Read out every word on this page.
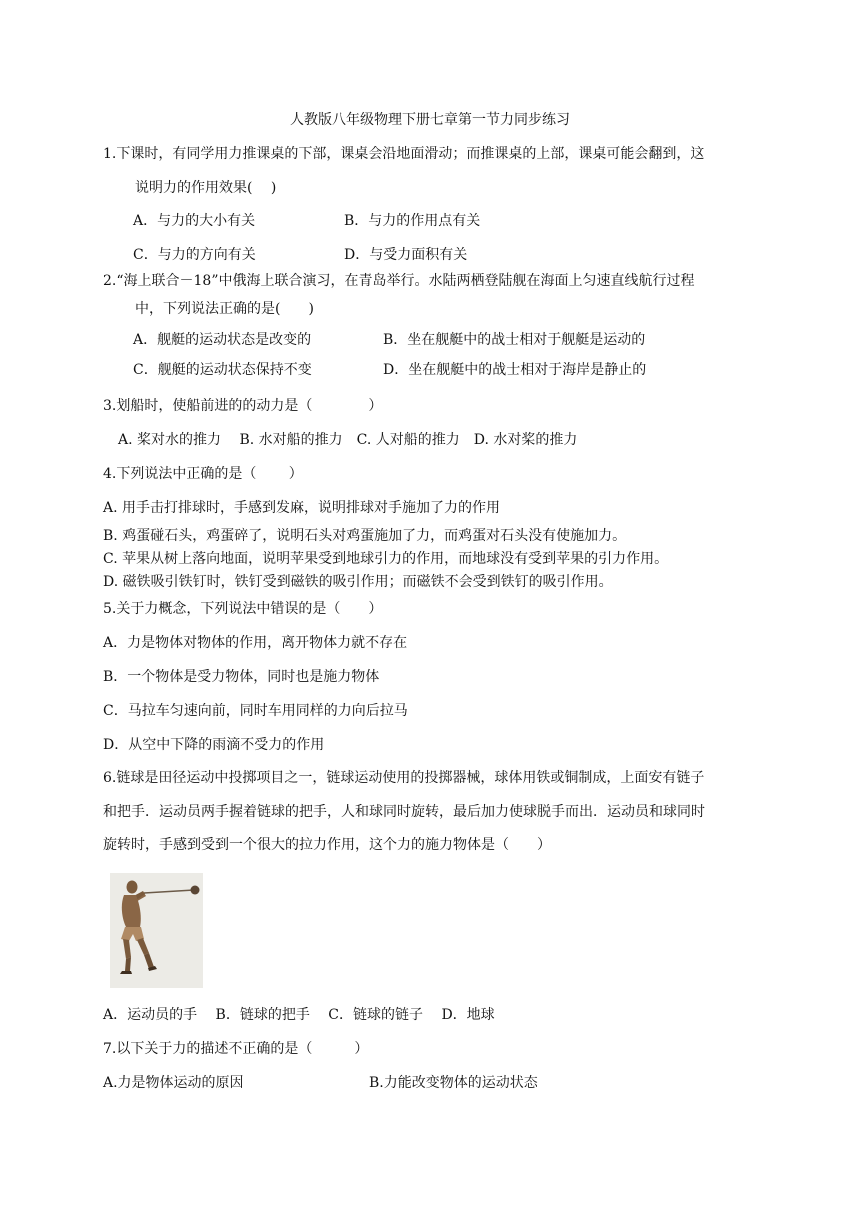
人教版八年级物理下册七章第一节力同步练习
1.下课时，有同学用力推课桌的下部，课桌会沿地面滑动；而推课桌的上部，课桌可能会翻到，这
说明力的作用效果(　 )
A．与力的大小有关	B．与力的作用点有关
C．与力的方向有关	D．与受力面积有关
2.“海上联合－18”中俄海上联合演习，在青岛举行。水陆两栖登陆舰在海面上匀速直线航行过程
中，下列说法正确的是(　　)
A．舰艇的运动状态是改变的	B．坐在舰艇中的战士相对于舰艇是运动的
C．舰艇的运动状态保持不变	D．坐在舰艇中的战士相对于海岸是静止的
3.划船时，使船前进的的动力是（　　　　）
A. 桨对水的推力　 B. 水对船的推力　C. 人对船的推力　D. 水对桨的推力
4.下列说法中正确的是（　　 ）
A. 用手击打排球时，手感到发麻，说明排球对手施加了力的作用
B. 鸡蛋碰石头，鸡蛋碎了，说明石头对鸡蛋施加了力，而鸡蛋对石头没有使施加力。
C. 苹果从树上落向地面，说明苹果受到地球引力的作用，而地球没有受到苹果的引力作用。
D. 磁铁吸引铁钉时，铁钉受到磁铁的吸引作用；而磁铁不会受到铁钉的吸引作用。
5.关于力概念，下列说法中错误的是（　　）
A．力是物体对物体的作用，离开物体力就不存在
B．一个物体是受力物体，同时也是施力物体
C．马拉车匀速向前，同时车用同样的力向后拉马
D．从空中下降的雨滴不受力的作用
6.链球是田径运动中投掷项目之一，链球运动使用的投掷器械，球体用铁或铜制成，上面安有链子
和把手．运动员两手握着链球的把手，人和球同时旋转，最后加力使球脱手而出．运动员和球同时
旋转时，手感到受到一个很大的拉力作用，这个力的施力物体是（　　）
A．运动员的手　 B．链球的把手　 C．链球的链子　 D．地球
7.以下关于力的描述不正确的是（　　　）
A.力是物体运动的原因	B.力能改变物体的运动状态
